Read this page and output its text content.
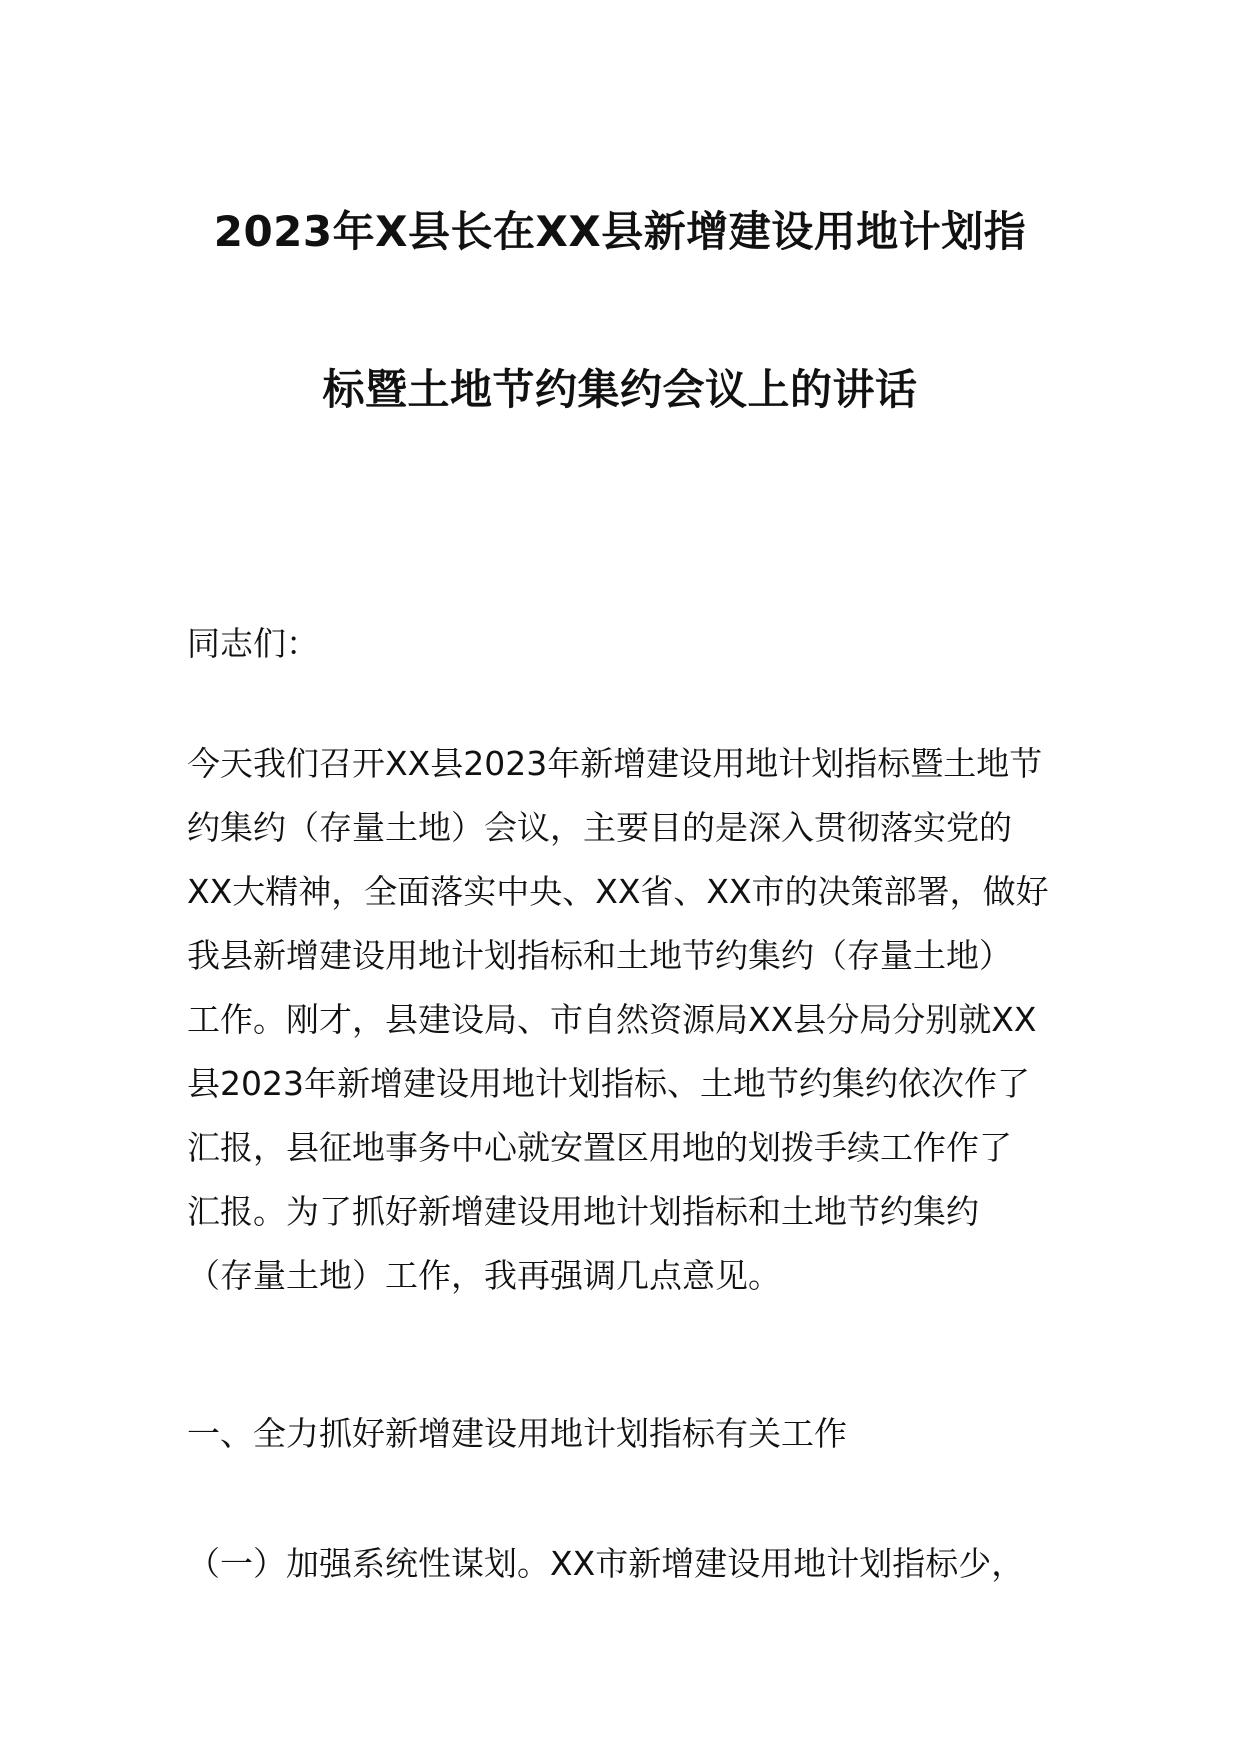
2023年X县长在XX县新增建设用地计划指
标暨土地节约集约会议上的讲话
同志们：
今天我们召开XX县2023年新增建设用地计划指标暨土地节
约集约（存量土地）会议，主要目的是深入贯彻落实党的
XX大精神，全面落实中央、XX省、XX市的决策部署，做好
我县新增建设用地计划指标和土地节约集约（存量土地）
工作。刚才，县建设局、市自然资源局XX县分局分别就XX
县2023年新增建设用地计划指标、土地节约集约依次作了
汇报，县征地事务中心就安置区用地的划拨手续工作作了
汇报。为了抓好新增建设用地计划指标和土地节约集约
（存量土地）工作，我再强调几点意见。
一、全力抓好新增建设用地计划指标有关工作
（一）加强系统性谋划。XX市新增建设用地计划指标少，
